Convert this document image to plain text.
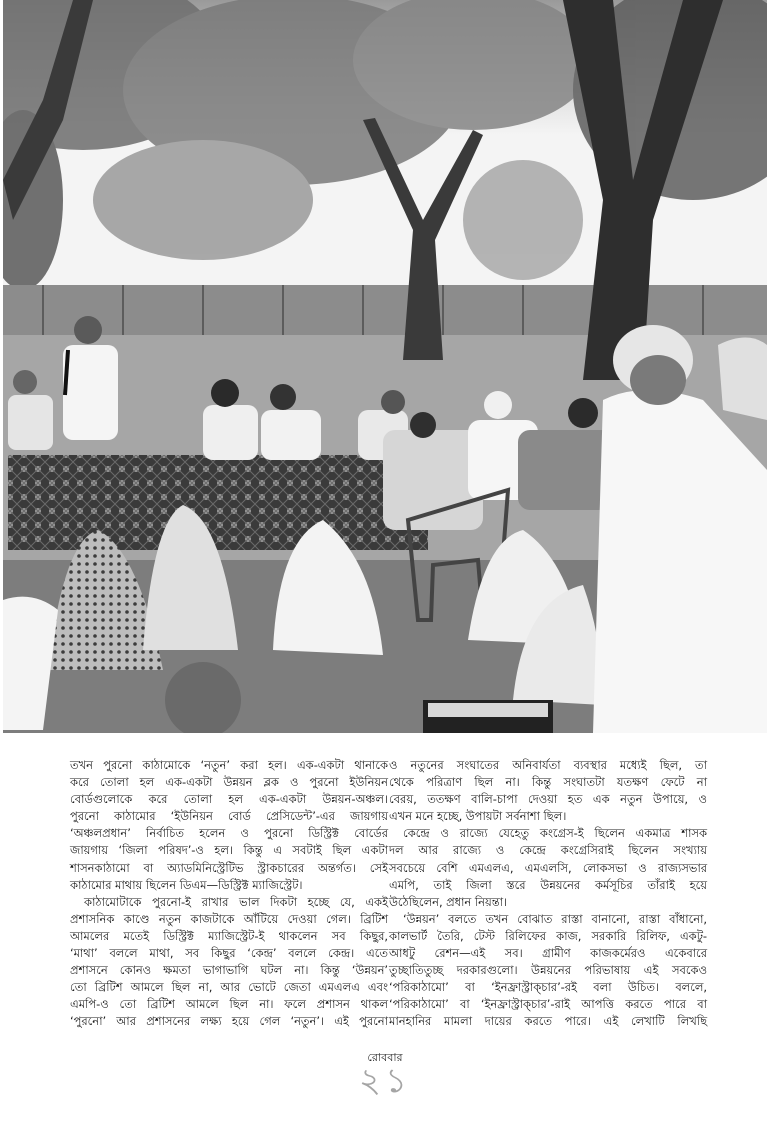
তখন পুরনো কাঠামোকে ‘নতুন’ করা হল। এক-একটা থানাকে
করে তোলা হল এক-একটা উন্নয়ন ব্লক ও পুরনো ইউনিয়ন
বোর্ডগুলোকে করে তোলা হল এক-একটা উন্নয়ন-অঞ্চল।
পুরনো কাঠামোর ‘ইউনিয়ন বোর্ড প্রেসিডেন্ট’-এর জায়গায়
‘অঞ্চলপ্রধান’ নির্বাচিত হলেন ও পুরনো ডিস্ট্রিক্ট বোর্ডের
জায়গায় ‘জিলা পরিষদ’-ও হল। কিন্তু এ সবটাই ছিল একটা
শাসনকাঠামো বা অ্যাডমিনিস্ট্রেটিভ স্ট্রাকচারের অন্তর্গত। সেই
কাঠামোর মাথায় ছিলেন ডিএম—ডিস্ট্রিক্ট ম্যাজিস্ট্রেট।
কাঠামোটাকে পুরনো-ই রাখার ভাল দিকটা হচ্ছে যে, একই
প্রশাসনিক কাণ্ডে নতুন কাজটাকে আঁটিয়ে দেওয়া গেল। ব্রিটিশ
আমলের মতেই ডিস্ট্রিক্ট ম্যাজিস্ট্রেট-ই থাকলেন সব কিছুর,
‘মাথা’ বললে মাথা, সব কিছুর ‘কেন্দ্র’ বললে কেন্দ্র। এতে
প্রশাসনে কোনও ক্ষমতা ভাগাভাগি ঘটল না। কিন্তু ‘উন্নয়ন’
তো ব্রিটিশ আমলে ছিল না, আর ভোটে জেতা এমএলএ এবং
এমপি-ও তো ব্রিটিশ আমলে ছিল না। ফলে প্রশাসন থাকল
‘পুরনো’ আর প্রশাসনের লক্ষ্য হয়ে গেল ‘নতুন’। এই পুরনো
ও নতুনের সংঘাতের অনিবার্যতা ব্যবস্থার মধ্যেই ছিল, তা
থেকে পরিত্রাণ ছিল না। কিন্তু সংঘাতটা যতক্ষণ ফেটে না
বেরয়, ততক্ষণ বালি-চাপা দেওয়া হত এক নতুন উপায়ে, ও
এখন মনে হচ্ছে, উপায়টা সর্বনাশা ছিল।
কেন্দ্রে ও রাজ্যে যেহেতু কংগ্রেস-ই ছিলেন একমাত্র শাসক
দল আর রাজ্যে ও কেন্দ্রে কংগ্রেসিরাই ছিলেন সংখ্যায়
সবচেয়ে বেশি এমএলএ, এমএলসি, লোকসভা ও রাজ্যসভার
এমপি, তাই জিলা স্তরে উন্নয়নের কর্মসূচির তাঁরাই হয়ে
উঠেছিলেন, প্রধান নিয়ন্তা।
‘উন্নয়ন’ বলতে তখন বোঝাত রাস্তা বানানো, রাস্তা বাঁধানো,
কালভার্ট তৈরি, টেস্ট রিলিফের কাজ, সরকারি রিলিফ, একটু-
আধটু রেশন—এই সব। গ্রামীণ কাজকর্মেরও একেবারে
তুচ্ছাতিতুচ্ছ দরকারগুলো। উন্নয়নের পরিভাষায় এই সবকেও
‘পরিকাঠামো’ বা ‘ইনফ্রাস্ট্রাক্‌চার’-রই বলা উচিত। বললে,
‘পরিকাঠামো’ বা ‘ইনফ্রাস্ট্রাক্‌চার’-রাই আপত্তি করতে পারে বা
মানহানির মামলা দায়ের করতে পারে। এই লেখাটি লিখছি
রোববার
২১
